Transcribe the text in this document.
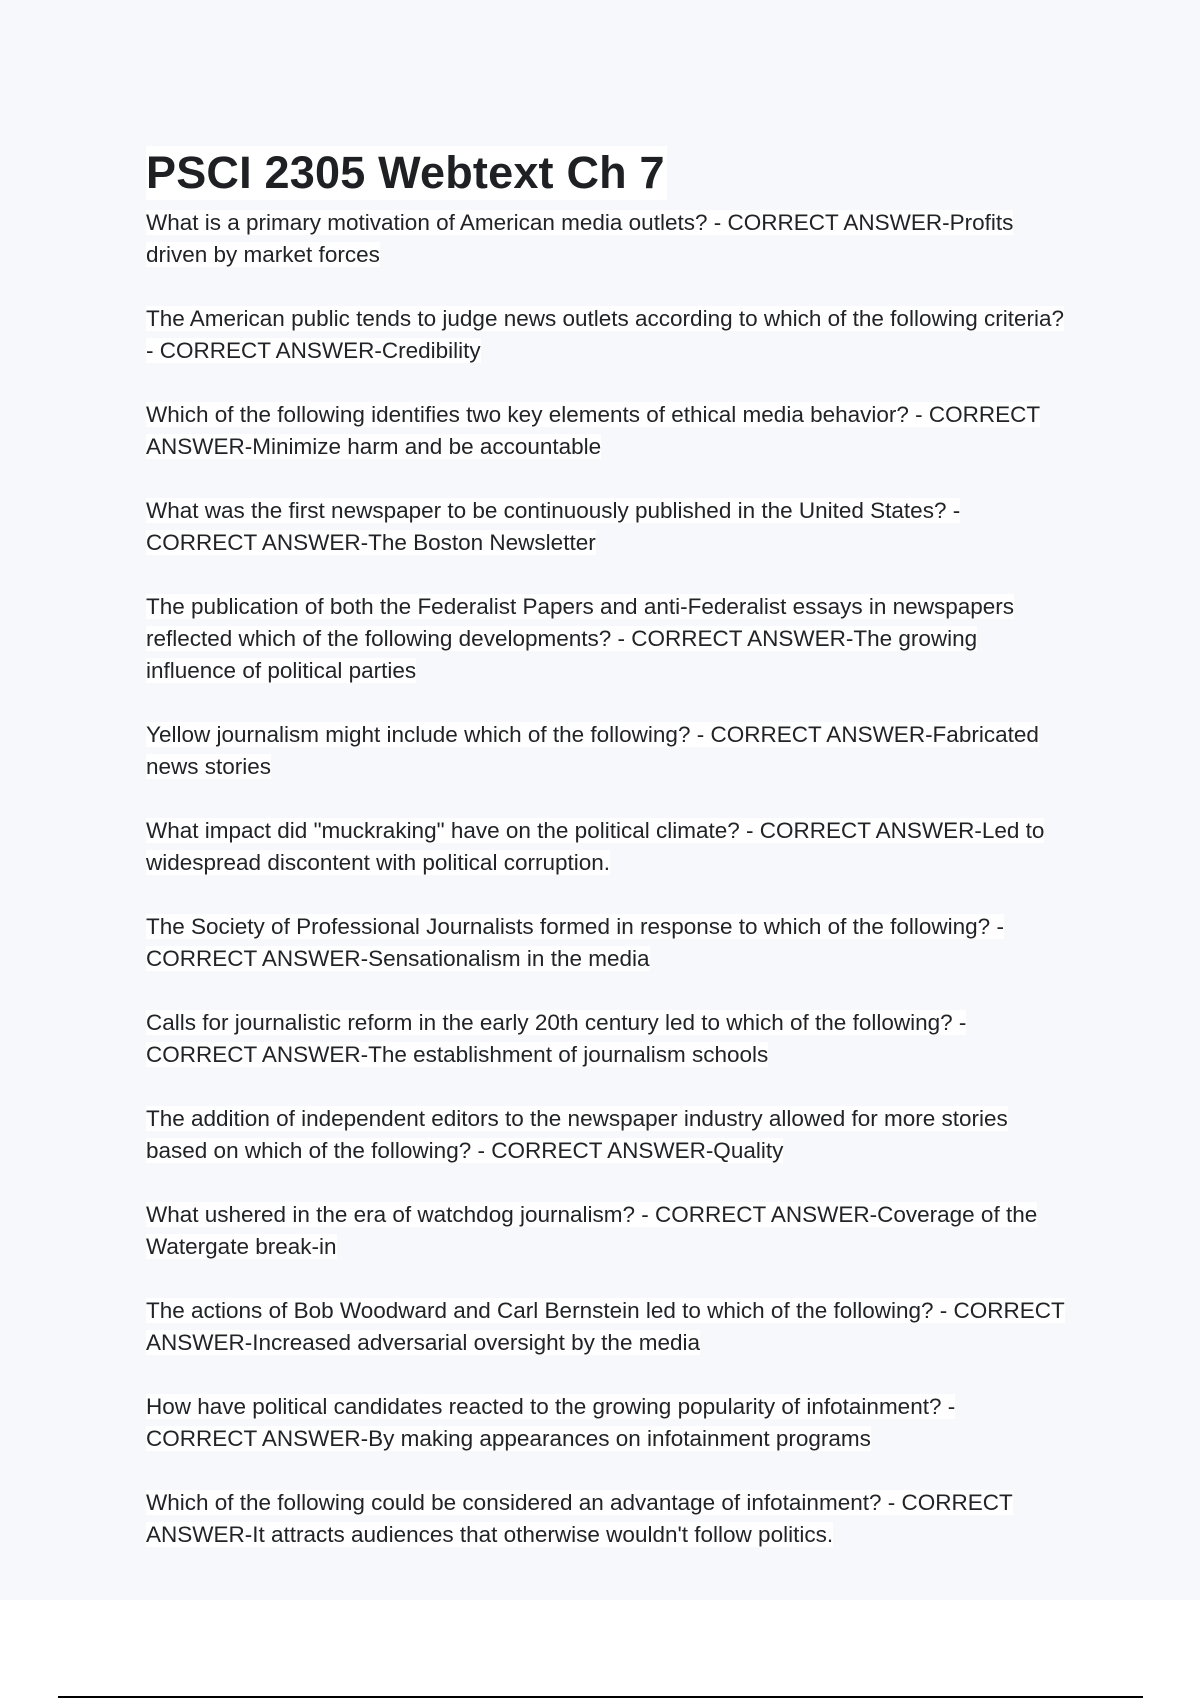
PSCI 2305 Webtext Ch 7
What is a primary motivation of American media outlets? - CORRECT ANSWER-Profits driven by market forces
The American public tends to judge news outlets according to which of the following criteria? - CORRECT ANSWER-Credibility
Which of the following identifies two key elements of ethical media behavior? - CORRECT ANSWER-Minimize harm and be accountable
What was the first newspaper to be continuously published in the United States? - CORRECT ANSWER-The Boston Newsletter
The publication of both the Federalist Papers and anti-Federalist essays in newspapers reflected which of the following developments? - CORRECT ANSWER-The growing influence of political parties
Yellow journalism might include which of the following? - CORRECT ANSWER-Fabricated news stories
What impact did "muckraking" have on the political climate? - CORRECT ANSWER-Led to widespread discontent with political corruption.
The Society of Professional Journalists formed in response to which of the following? - CORRECT ANSWER-Sensationalism in the media
Calls for journalistic reform in the early 20th century led to which of the following? - CORRECT ANSWER-The establishment of journalism schools
The addition of independent editors to the newspaper industry allowed for more stories based on which of the following? - CORRECT ANSWER-Quality
What ushered in the era of watchdog journalism? - CORRECT ANSWER-Coverage of the Watergate break-in
The actions of Bob Woodward and Carl Bernstein led to which of the following? - CORRECT ANSWER-Increased adversarial oversight by the media
How have political candidates reacted to the growing popularity of infotainment? - CORRECT ANSWER-By making appearances on infotainment programs
Which of the following could be considered an advantage of infotainment? - CORRECT ANSWER-It attracts audiences that otherwise wouldn't follow politics.
